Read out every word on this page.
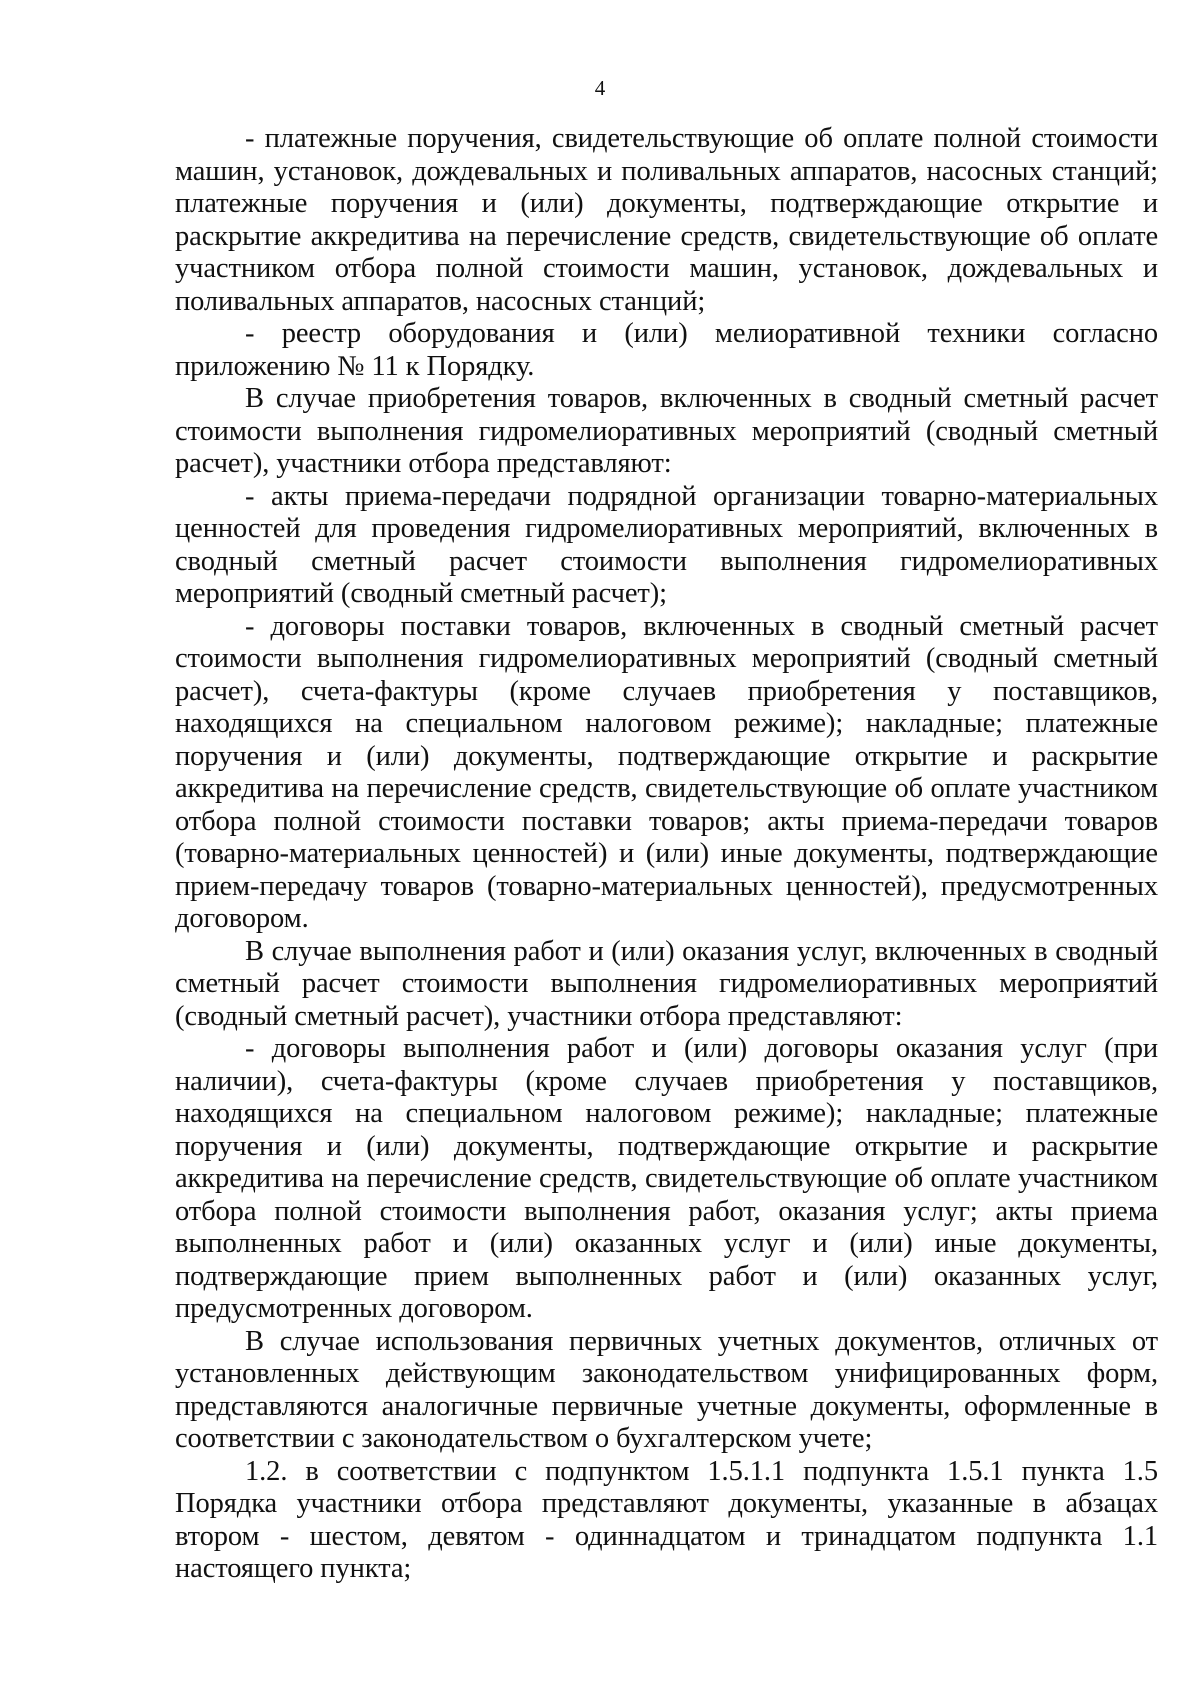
4

- платежные поручения, свидетельствующие об оплате полной стоимости машин, установок, дождевальных и поливальных аппаратов, насосных станций; платежные поручения и (или) документы, подтверждающие открытие и раскрытие аккредитива на перечисление средств, свидетельствующие об оплате участником отбора полной стоимости машин, установок, дождевальных и поливальных аппаратов, насосных станций;

- реестр оборудования и (или) мелиоративной техники согласно приложению № 11 к Порядку.

В случае приобретения товаров, включенных в сводный сметный расчет стоимости выполнения гидромелиоративных мероприятий (сводный сметный расчет), участники отбора представляют:

- акты приема-передачи подрядной организации товарно-материальных ценностей для проведения гидромелиоративных мероприятий, включенных в сводный сметный расчет стоимости выполнения гидромелиоративных мероприятий (сводный сметный расчет);

- договоры поставки товаров, включенных в сводный сметный расчет стоимости выполнения гидромелиоративных мероприятий (сводный сметный расчет), счета-фактуры (кроме случаев приобретения у поставщиков, находящихся на специальном налоговом режиме); накладные; платежные поручения и (или) документы, подтверждающие открытие и раскрытие аккредитива на перечисление средств, свидетельствующие об оплате участником отбора полной стоимости поставки товаров; акты приема-передачи товаров (товарно-материальных ценностей) и (или) иные документы, подтверждающие прием-передачу товаров (товарно-материальных ценностей), предусмотренных договором.

В случае выполнения работ и (или) оказания услуг, включенных в сводный сметный расчет стоимости выполнения гидромелиоративных мероприятий (сводный сметный расчет), участники отбора представляют:

- договоры выполнения работ и (или) договоры оказания услуг (при наличии), счета-фактуры (кроме случаев приобретения у поставщиков, находящихся на специальном налоговом режиме); накладные; платежные поручения и (или) документы, подтверждающие открытие и раскрытие аккредитива на перечисление средств, свидетельствующие об оплате участником отбора полной стоимости выполнения работ, оказания услуг; акты приема выполненных работ и (или) оказанных услуг и (или) иные документы, подтверждающие прием выполненных работ и (или) оказанных услуг, предусмотренных договором.

В случае использования первичных учетных документов, отличных от установленных действующим законодательством унифицированных форм, представляются аналогичные первичные учетные документы, оформленные в соответствии с законодательством о бухгалтерском учете;

1.2. в соответствии с подпунктом 1.5.1.1 подпункта 1.5.1 пункта 1.5 Порядка участники отбора представляют документы, указанные в абзацах втором - шестом, девятом - одиннадцатом и тринадцатом подпункта 1.1 настоящего пункта;
